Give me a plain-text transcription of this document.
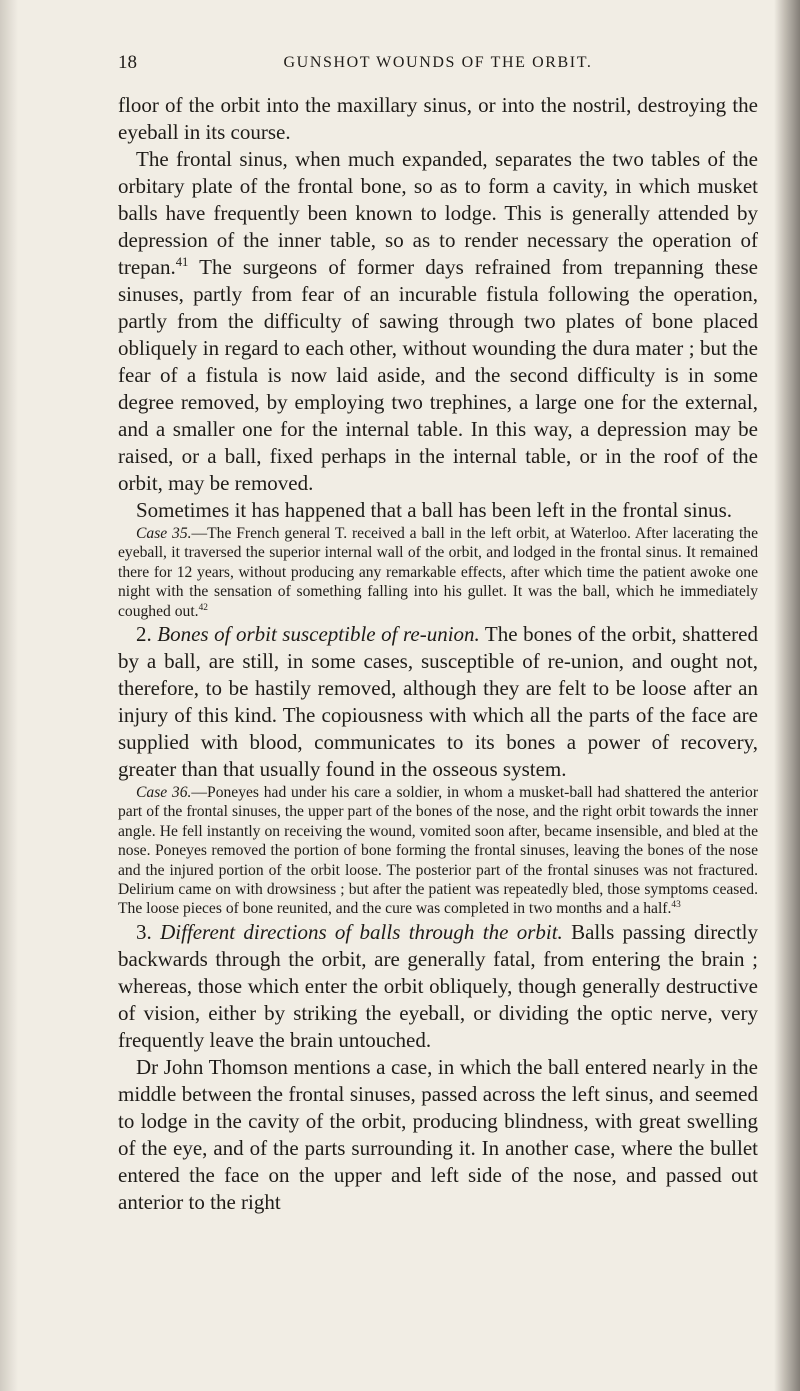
18	GUNSHOT WOUNDS OF THE ORBIT.

floor of the orbit into the maxillary sinus, or into the nostril, destroying the eyeball in its course.

The frontal sinus, when much expanded, separates the two tables of the orbitary plate of the frontal bone, so as to form a cavity, in which musket balls have frequently been known to lodge. This is generally attended by depression of the inner table, so as to render necessary the operation of trepan.$^{41}$ The surgeons of former days refrained from trepanning these sinuses, partly from fear of an incurable fistula following the operation, partly from the difficulty of sawing through two plates of bone placed obliquely in regard to each other, without wounding the dura mater ; but the fear of a fistula is now laid aside, and the second difficulty is in some degree removed, by employing two trephines, a large one for the external, and a smaller one for the internal table. In this way, a depression may be raised, or a ball, fixed perhaps in the internal table, or in the roof of the orbit, may be removed.

Sometimes it has happened that a ball has been left in the frontal sinus.

Case 35.—The French general T. received a ball in the left orbit, at Waterloo. After lacerating the eyeball, it traversed the superior internal wall of the orbit, and lodged in the frontal sinus. It remained there for 12 years, without producing any remarkable effects, after which time the patient awoke one night with the sensation of something falling into his gullet. It was the ball, which he immediately coughed out.$^{42}$

2. Bones of orbit susceptible of re-union. The bones of the orbit, shattered by a ball, are still, in some cases, susceptible of re-union, and ought not, therefore, to be hastily removed, although they are felt to be loose after an injury of this kind. The copiousness with which all the parts of the face are supplied with blood, communicates to its bones a power of recovery, greater than that usually found in the osseous system.

Case 36.—Poneyes had under his care a soldier, in whom a musket-ball had shattered the anterior part of the frontal sinuses, the upper part of the bones of the nose, and the right orbit towards the inner angle. He fell instantly on receiving the wound, vomited soon after, became insensible, and bled at the nose. Poneyes removed the portion of bone forming the frontal sinuses, leaving the bones of the nose and the injured portion of the orbit loose. The posterior part of the frontal sinuses was not fractured. Delirium came on with drowsiness ; but after the patient was repeatedly bled, those symptoms ceased. The loose pieces of bone reunited, and the cure was completed in two months and a half.$^{43}$

3. Different directions of balls through the orbit. Balls passing directly backwards through the orbit, are generally fatal, from entering the brain ; whereas, those which enter the orbit obliquely, though generally destructive of vision, either by striking the eyeball, or dividing the optic nerve, very frequently leave the brain untouched.

Dr John Thomson mentions a case, in which the ball entered nearly in the middle between the frontal sinuses, passed across the left sinus, and seemed to lodge in the cavity of the orbit, producing blindness, with great swelling of the eye, and of the parts surrounding it. In another case, where the bullet entered the face on the upper and left side of the nose, and passed out anterior to the right
